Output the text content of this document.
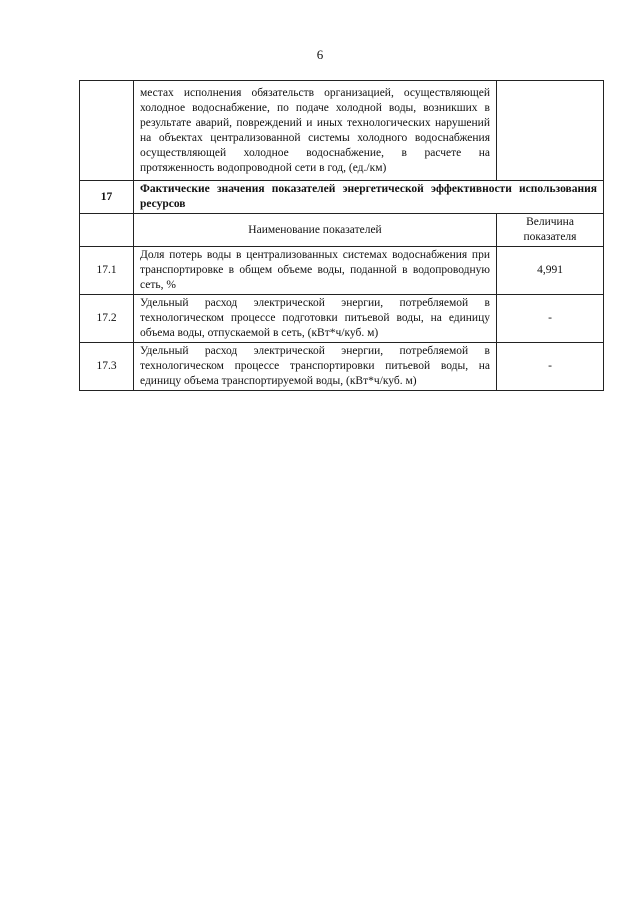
6
	местах исполнения обязательств организацией, осуществляющей холодное водоснабжение, по подаче холодной воды, возникших в результате аварий, повреждений и иных технологических нарушений на объектах централизованной системы холодного водоснабжения осуществляющей холодное водоснабжение, в расчете на протяженность водопроводной сети в год, (ед./км)	
17	Фактические значения показателей энергетической эффективности использования ресурсов	
	Наименование показателей	Величина показателя
17.1	Доля потерь воды в централизованных системах водоснабжения при транспортировке в общем объеме воды, поданной в водопроводную сеть, %	4,991
17.2	Удельный расход электрической энергии, потребляемой в технологическом процессе подготовки питьевой воды, на единицу объема воды, отпускаемой в сеть, (кВт*ч/куб. м)	-
17.3	Удельный расход электрической энергии, потребляемой в технологическом процессе транспортировки питьевой воды, на единицу объема транспортируемой воды, (кВт*ч/куб. м)	-
